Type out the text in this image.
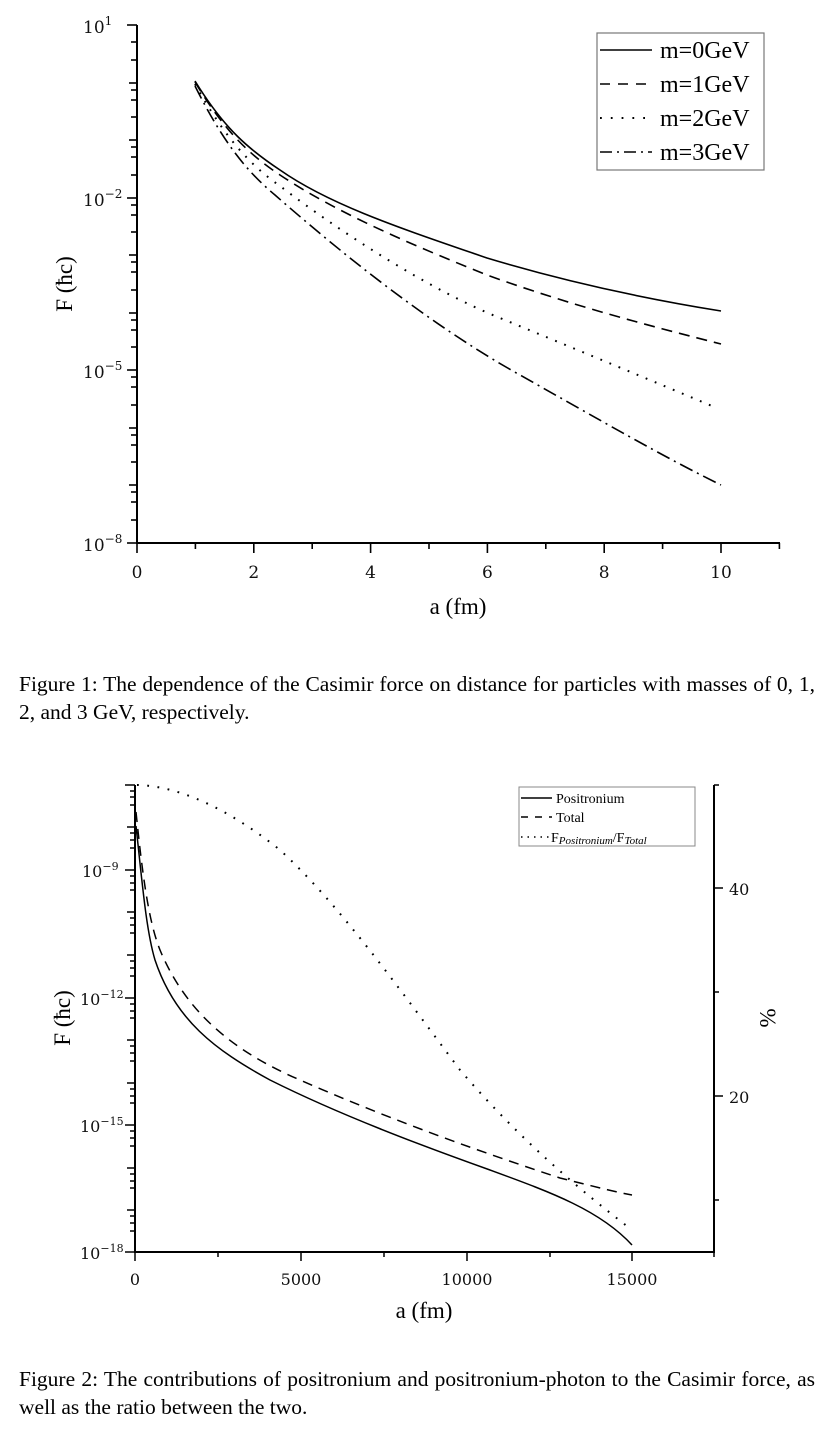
$10^1$
$10^{-2}$
$10^{-5}$
$10^{-8}$
0	2	4	6	8	10
a (fm)
F (ħc)
m=0GeV
m=1GeV
m=2GeV
m=3GeV
Figure 1: The dependence of the Casimir force on distance for particles with masses of 0, 1, 2, and 3 GeV, respectively.
$10^{-9}$
$10^{-12}$
$10^{-15}$
$10^{-18}$
40
20
0	5000	10000	15000
a (fm)
F (ħc)	%
Positronium
Total
FPositronium/FTotal
Figure 2: The contributions of positronium and positronium-photon to the Casimir force, as well as the ratio between the two.
